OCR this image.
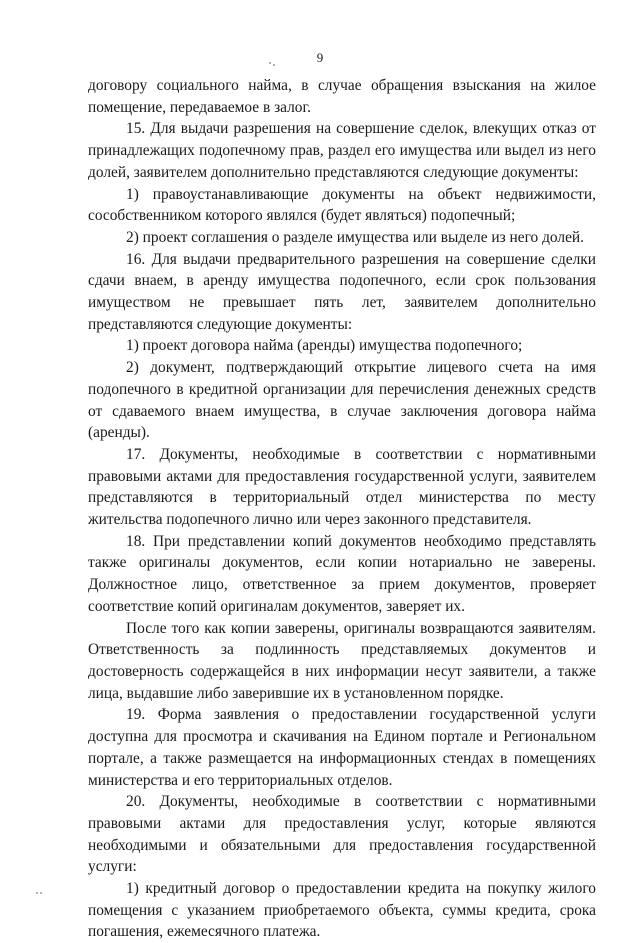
9

договору социального найма, в случае обращения взыскания на жилое помещение, передаваемое в залог.

15. Для выдачи разрешения на совершение сделок, влекущих отказ от принадлежащих подопечному прав, раздел его имущества или выдел из него долей, заявителем дополнительно представляются следующие документы:

1) правоустанавливающие документы на объект недвижимости, сособственником которого являлся (будет являться) подопечный;

2) проект соглашения о разделе имущества или выделе из него долей.

16. Для выдачи предварительного разрешения на совершение сделки сдачи внаем, в аренду имущества подопечного, если срок пользования имуществом не превышает пять лет, заявителем дополнительно представляются следующие документы:

1) проект договора найма (аренды) имущества подопечного;

2) документ, подтверждающий открытие лицевого счета на имя подопечного в кредитной организации для перечисления денежных средств от сдаваемого внаем имущества, в случае заключения договора найма (аренды).

17. Документы, необходимые в соответствии с нормативными правовыми актами для предоставления государственной услуги, заявителем представляются в территориальный отдел министерства по месту жительства подопечного лично или через законного представителя.

18. При представлении копий документов необходимо представлять также оригиналы документов, если копии нотариально не заверены. Должностное лицо, ответственное за прием документов, проверяет соответствие копий оригиналам документов, заверяет их.

После того как копии заверены, оригиналы возвращаются заявителям. Ответственность за подлинность представляемых документов и достоверность содержащейся в них информации несут заявители, а также лица, выдавшие либо заверившие их в установленном порядке.

19. Форма заявления о предоставлении государственной услуги доступна для просмотра и скачивания на Едином портале и Региональном портале, а также размещается на информационных стендах в помещениях министерства и его территориальных отделов.

20. Документы, необходимые в соответствии с нормативными правовыми актами для предоставления услуг, которые являются необходимыми и обязательными для предоставления государственной услуги:

1) кредитный договор о предоставлении кредита на покупку жилого помещения с указанием приобретаемого объекта, суммы кредита, срока погашения, ежемесячного платежа.
